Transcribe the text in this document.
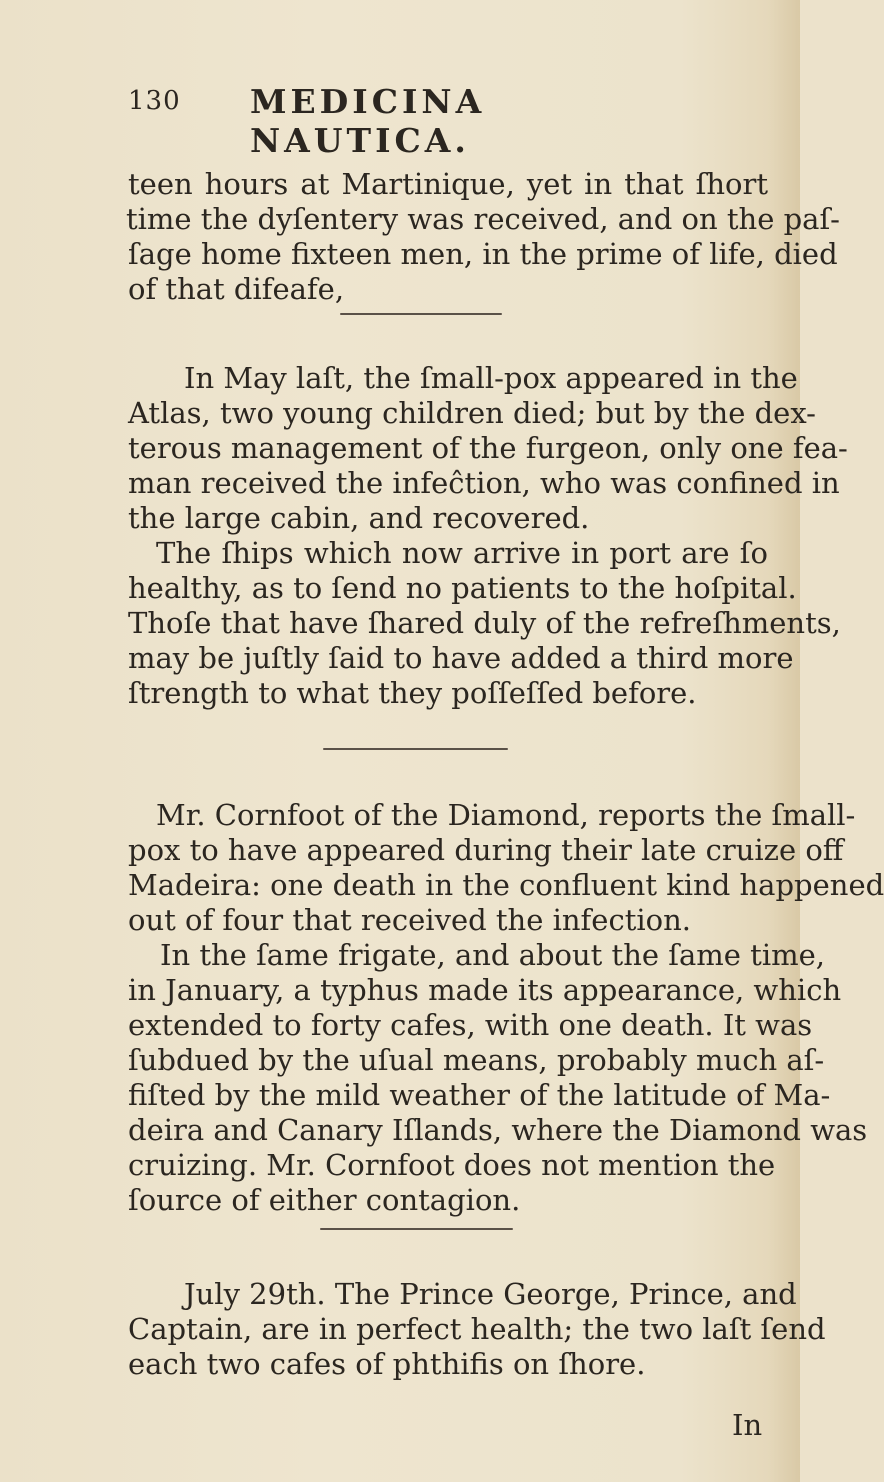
130 MEDICINA NAUTICA.
teen hours at Martinique, yet in that ſhort
time the dyſentery was received, and on the paſ-
ſage home fixteen men, in the prime of life, died
of that difeafe,
In May laſt, the ſmall-pox appeared in the
Atlas, two young children died; but by the dex-
terous management of the furgeon, only one fea-
man received the infeĉtion, who was confined in
the large cabin, and recovered.
The ſhips which now arrive in port are ſo
healthy, as to ſend no patients to the hoſpital.
Thoſe that have ſhared duly of the refreſhments,
may be juſtly ſaid to have added a third more
ſtrength to what they poſſeſſed before.
Mr. Cornfoot of the Diamond, reports the ſmall-
pox to have appeared during their late cruize off
Madeira: one death in the confluent kind happened
out of four that received the infection.
In the ſame frigate, and about the ſame time,
in January, a typhus made its appearance, which
extended to forty cafes, with one death. It was
ſubdued by the uſual means, probably much aſ-
fiſted by the mild weather of the latitude of Ma-
deira and Canary Iſlands, where the Diamond was
cruizing. Mr. Cornfoot does not mention the
ſource of either contagion.
July 29th. The Prince George, Prince, and
Captain, are in perfect health; the two laſt ſend
each two cafes of phthifis on ſhore.
In
